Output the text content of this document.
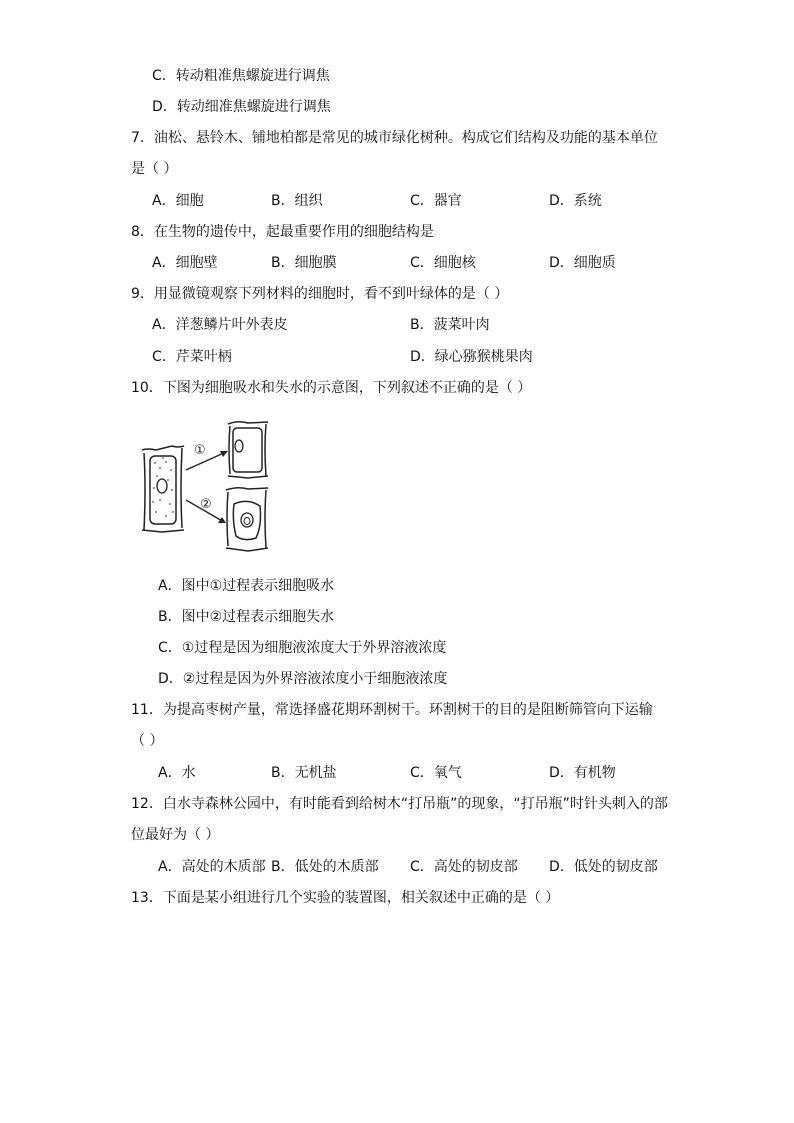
C．转动粗准焦螺旋进行调焦
D．转动细准焦螺旋进行调焦
7．油松、悬铃木、铺地柏都是常见的城市绿化树种。构成它们结构及功能的基本单位
是（ ）
A．细胞	B．组织	C．器官	D．系统
8．在生物的遗传中，起最重要作用的细胞结构是
A．细胞壁	B．细胞膜	C．细胞核	D．细胞质
9．用显微镜观察下列材料的细胞时，看不到叶绿体的是（ ）
A．洋葱鳞片叶外表皮	B．菠菜叶肉
C．芹菜叶柄	D．绿心猕猴桃果肉
10．下图为细胞吸水和失水的示意图，下列叙述不正确的是（ ）
①
②
A．图中①过程表示细胞吸水
B．图中②过程表示细胞失水
C．①过程是因为细胞液浓度大于外界溶液浓度
D．②过程是因为外界溶液浓度小于细胞液浓度
11．为提高枣树产量，常选择盛花期环割树干。环割树干的目的是阻断筛管向下运输
（ ）
A．水	B．无机盐	C．氧气	D．有机物
12．白水寺森林公园中，有时能看到给树木“打吊瓶”的现象，“打吊瓶”时针头刺入的部
位最好为（ ）
A．高处的木质部 B．低处的木质部 C．高处的韧皮部 D．低处的韧皮部
13．下面是某小组进行几个实验的装置图，相关叙述中正确的是（ ）
